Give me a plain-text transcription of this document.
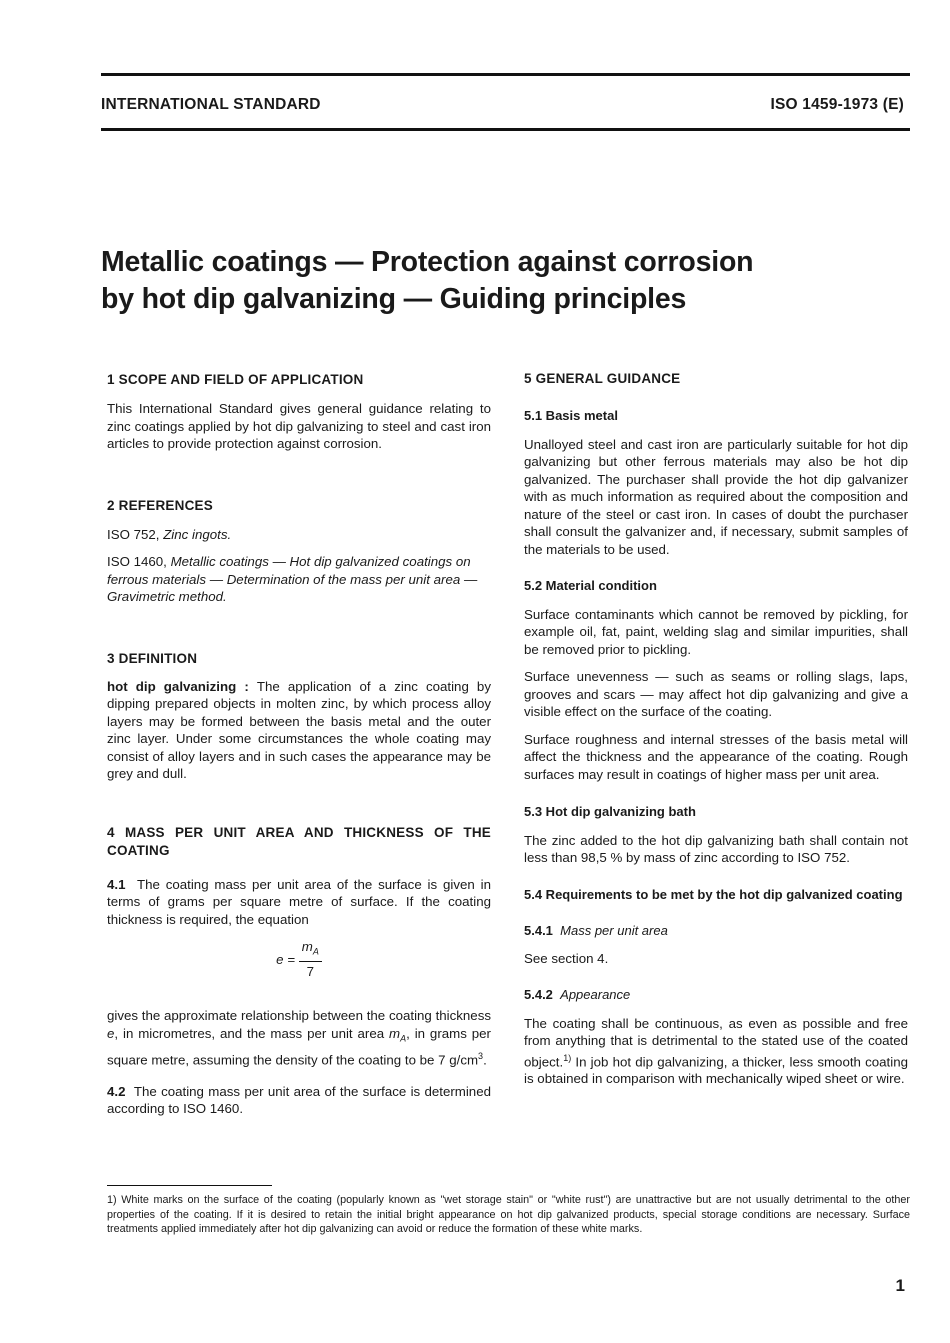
INTERNATIONAL STANDARD	ISO 1459-1973 (E)
Metallic coatings — Protection against corrosion
by hot dip galvanizing — Guiding principles

1 SCOPE AND FIELD OF APPLICATION

This International Standard gives general guidance relating to zinc coatings applied by hot dip galvanizing to steel and cast iron articles to provide protection against corrosion.

2 REFERENCES

ISO 752, Zinc ingots.

ISO 1460, Metallic coatings — Hot dip galvanized coatings on ferrous materials — Determination of the mass per unit area — Gravimetric method.

3 DEFINITION

hot dip galvanizing : The application of a zinc coating by dipping prepared objects in molten zinc, by which process alloy layers may be formed between the basis metal and the outer zinc layer. Under some circumstances the whole coating may consist of alloy layers and in such cases the appearance may be grey and dull.

4 MASS PER UNIT AREA AND THICKNESS OF THE COATING

4.1 The coating mass per unit area of the surface is given in terms of grams per square metre of surface. If the coating thickness is required, the equation

$e = \frac{m_A}{7}$

gives the approximate relationship between the coating thickness e, in micrometres, and the mass per unit area $m_A$, in grams per square metre, assuming the density of the coating to be 7 $g/cm^3$.

4.2 The coating mass per unit area of the surface is determined according to ISO 1460.

5 GENERAL GUIDANCE

5.1 Basis metal

Unalloyed steel and cast iron are particularly suitable for hot dip galvanizing but other ferrous materials may also be hot dip galvanized. The purchaser shall provide the hot dip galvanizer with as much information as required about the composition and nature of the steel or cast iron. In cases of doubt the purchaser shall consult the galvanizer and, if necessary, submit samples of the materials to be used.

5.2 Material condition

Surface contaminants which cannot be removed by pickling, for example oil, fat, paint, welding slag and similar impurities, shall be removed prior to pickling.

Surface unevenness — such as seams or rolling slags, laps, grooves and scars — may affect hot dip galvanizing and give a visible effect on the surface of the coating.

Surface roughness and internal stresses of the basis metal will affect the thickness and the appearance of the coating. Rough surfaces may result in coatings of higher mass per unit area.

5.3 Hot dip galvanizing bath

The zinc added to the hot dip galvanizing bath shall contain not less than 98,5 % by mass of zinc according to ISO 752.

5.4 Requirements to be met by the hot dip galvanized coating

5.4.1 Mass per unit area

See section 4.

5.4.2 Appearance

The coating shall be continuous, as even as possible and free from anything that is detrimental to the stated use of the coated object.$^{1)}$ In job hot dip galvanizing, a thicker, less smooth coating is obtained in comparison with mechanically wiped sheet or wire.

1) White marks on the surface of the coating (popularly known as "wet storage stain" or "white rust") are unattractive but are not usually detrimental to the other properties of the coating. If it is desired to retain the initial bright appearance on hot dip galvanized products, special storage conditions are necessary. Surface treatments applied immediately after hot dip galvanizing can avoid or reduce the formation of these white marks.
1
